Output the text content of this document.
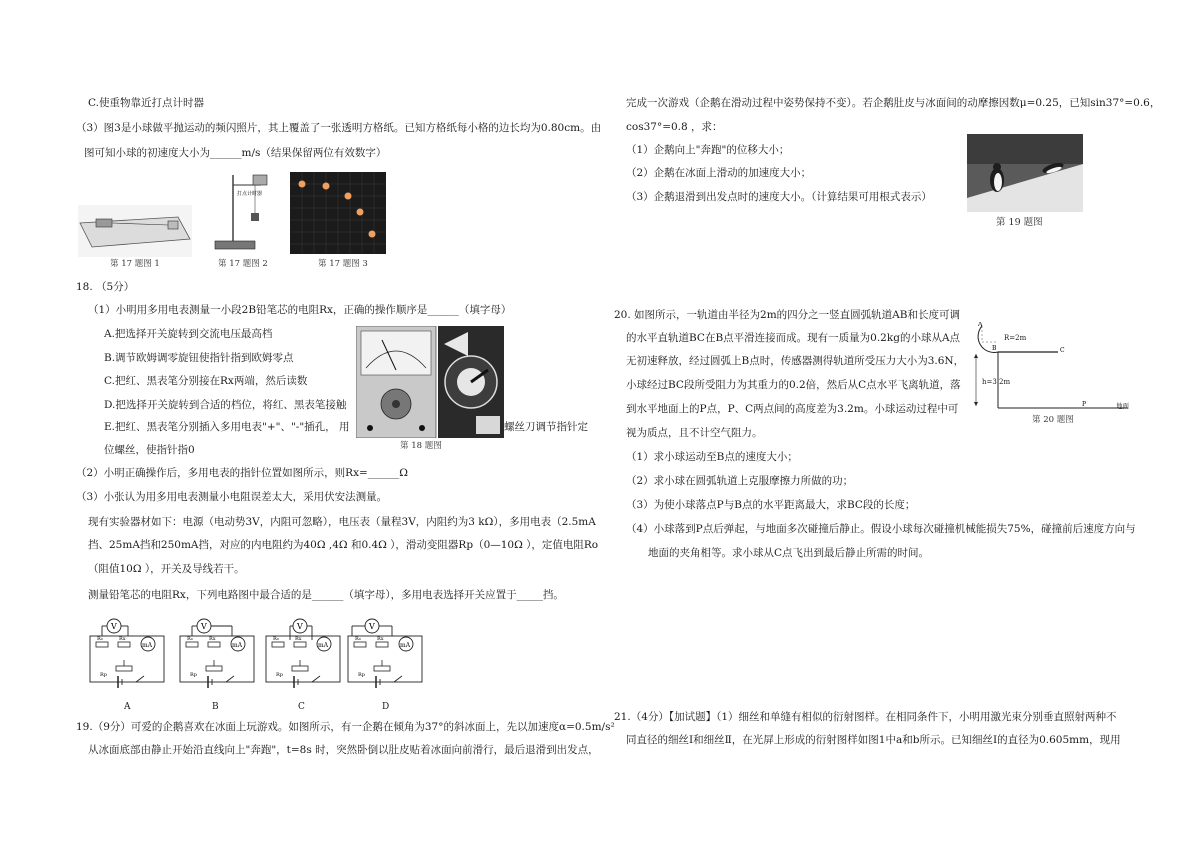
C.使重物靠近打点计时器
（3）图3是小球做平抛运动的频闪照片，其上覆盖了一张透明方格纸。已知方格纸每小格的边长均为0.80cm。由
图可知小球的初速度大小为______m/s（结果保留两位有效数字）
第 17 题图 1
打点计时器
第 17 题图 2	第 17 题图 3
18. （5分）
（1）小明用多用电表测量一小段2B铅笔芯的电阻Rx，正确的操作顺序是______（填字母）
A.把选择开关旋转到交流电压最高档
B.调节欧姆调零旋钮使指针指到欧姆零点
C.把红、黑表笔分别接在Rx两端，然后读数
D.把选择开关旋转到合适的档位，将红、黑表笔接触
E.把红、黑表笔分别插入多用电表"+"、"-"插孔， 用	螺丝刀调节指针定
位螺丝，使指针指0	第 18 题图
（2）小明正确操作后，多用电表的指针位置如图所示，则Rx=______Ω
（3）小张认为用多用电表测量小电阻误差太大，采用伏安法测量。
现有实验器材如下：电源（电动势3V，内阻可忽略），电压表（量程3V，内阻约为3 kΩ），多用电表（2.5mA
挡、25mA挡和250mA挡，对应的内电阻约为40Ω ,4Ω 和0.4Ω ），滑动变阻器Rp（0—10Ω ），定值电阻Ro
（阻值10Ω ），开关及导线若干。
测量铅笔芯的电阻Rx，下列电路图中最合适的是______（填字母），多用电表选择开关应置于_____挡。
V
mA
R₀	Rx
Rp
A
V
mA
R₀	Rx
Rp
B
V
mA
R₀	Rx
Rp
C
V
mA
R₀	Rx
Rp
D
19.（9分）可爱的企鹅喜欢在冰面上玩游戏。如图所示，有一企鹅在倾角为37°的斜冰面上，先以加速度α=0.5m/s²
从冰面底部由静止开始沿直线向上"奔跑"，t=8s 时，突然卧倒以肚皮贴着冰面向前滑行，最后退滑到出发点，
完成一次游戏（企鹅在滑动过程中姿势保持不变）。若企鹅肚皮与冰面间的动摩擦因数μ=0.25，已知sin37°=0.6，
cos37°=0.8 ，求：
（1）企鹅向上"奔跑"的位移大小；
（2）企鹅在冰面上滑动的加速度大小；
（3）企鹅退滑到出发点时的速度大小。（计算结果可用根式表示）
第 19 题图
20. 如图所示，一轨道由半径为2m的四分之一竖直圆弧轨道AB和长度可调
的水平直轨道BC在B点平滑连接而成。现有一质量为0.2kg的小球从A点
无初速释放，经过圆弧上B点时，传感器测得轨道所受压力大小为3.6N，
小球经过BC段所受阻力为其重力的0.2倍，然后从C点水平飞离轨道，落
到水平地面上的P点，P、C两点间的高度差为3.2m。小球运动过程中可
视为质点，且不计空气阻力。
A
B	C
P
R=2m
h=3.2m
地面
第 20 题图
（1）求小球运动至B点的速度大小；
（2）求小球在圆弧轨道上克服摩擦力所做的功；
（3）为使小球落点P与B点的水平距离最大，求BC段的长度；
（4）小球落到P点后弹起，与地面多次碰撞后静止。假设小球每次碰撞机械能损失75%，碰撞前后速度方向与
地面的夹角相等。求小球从C点飞出到最后静止所需的时间。
21.（4分）【加试题】（1）细丝和单缝有相似的衍射图样。在相同条件下，小明用激光束分别垂直照射两种不
同直径的细丝Ⅰ和细丝Ⅱ，在光屏上形成的衍射图样如图1中a和b所示。已知细丝Ⅰ的直径为0.605mm，现用
